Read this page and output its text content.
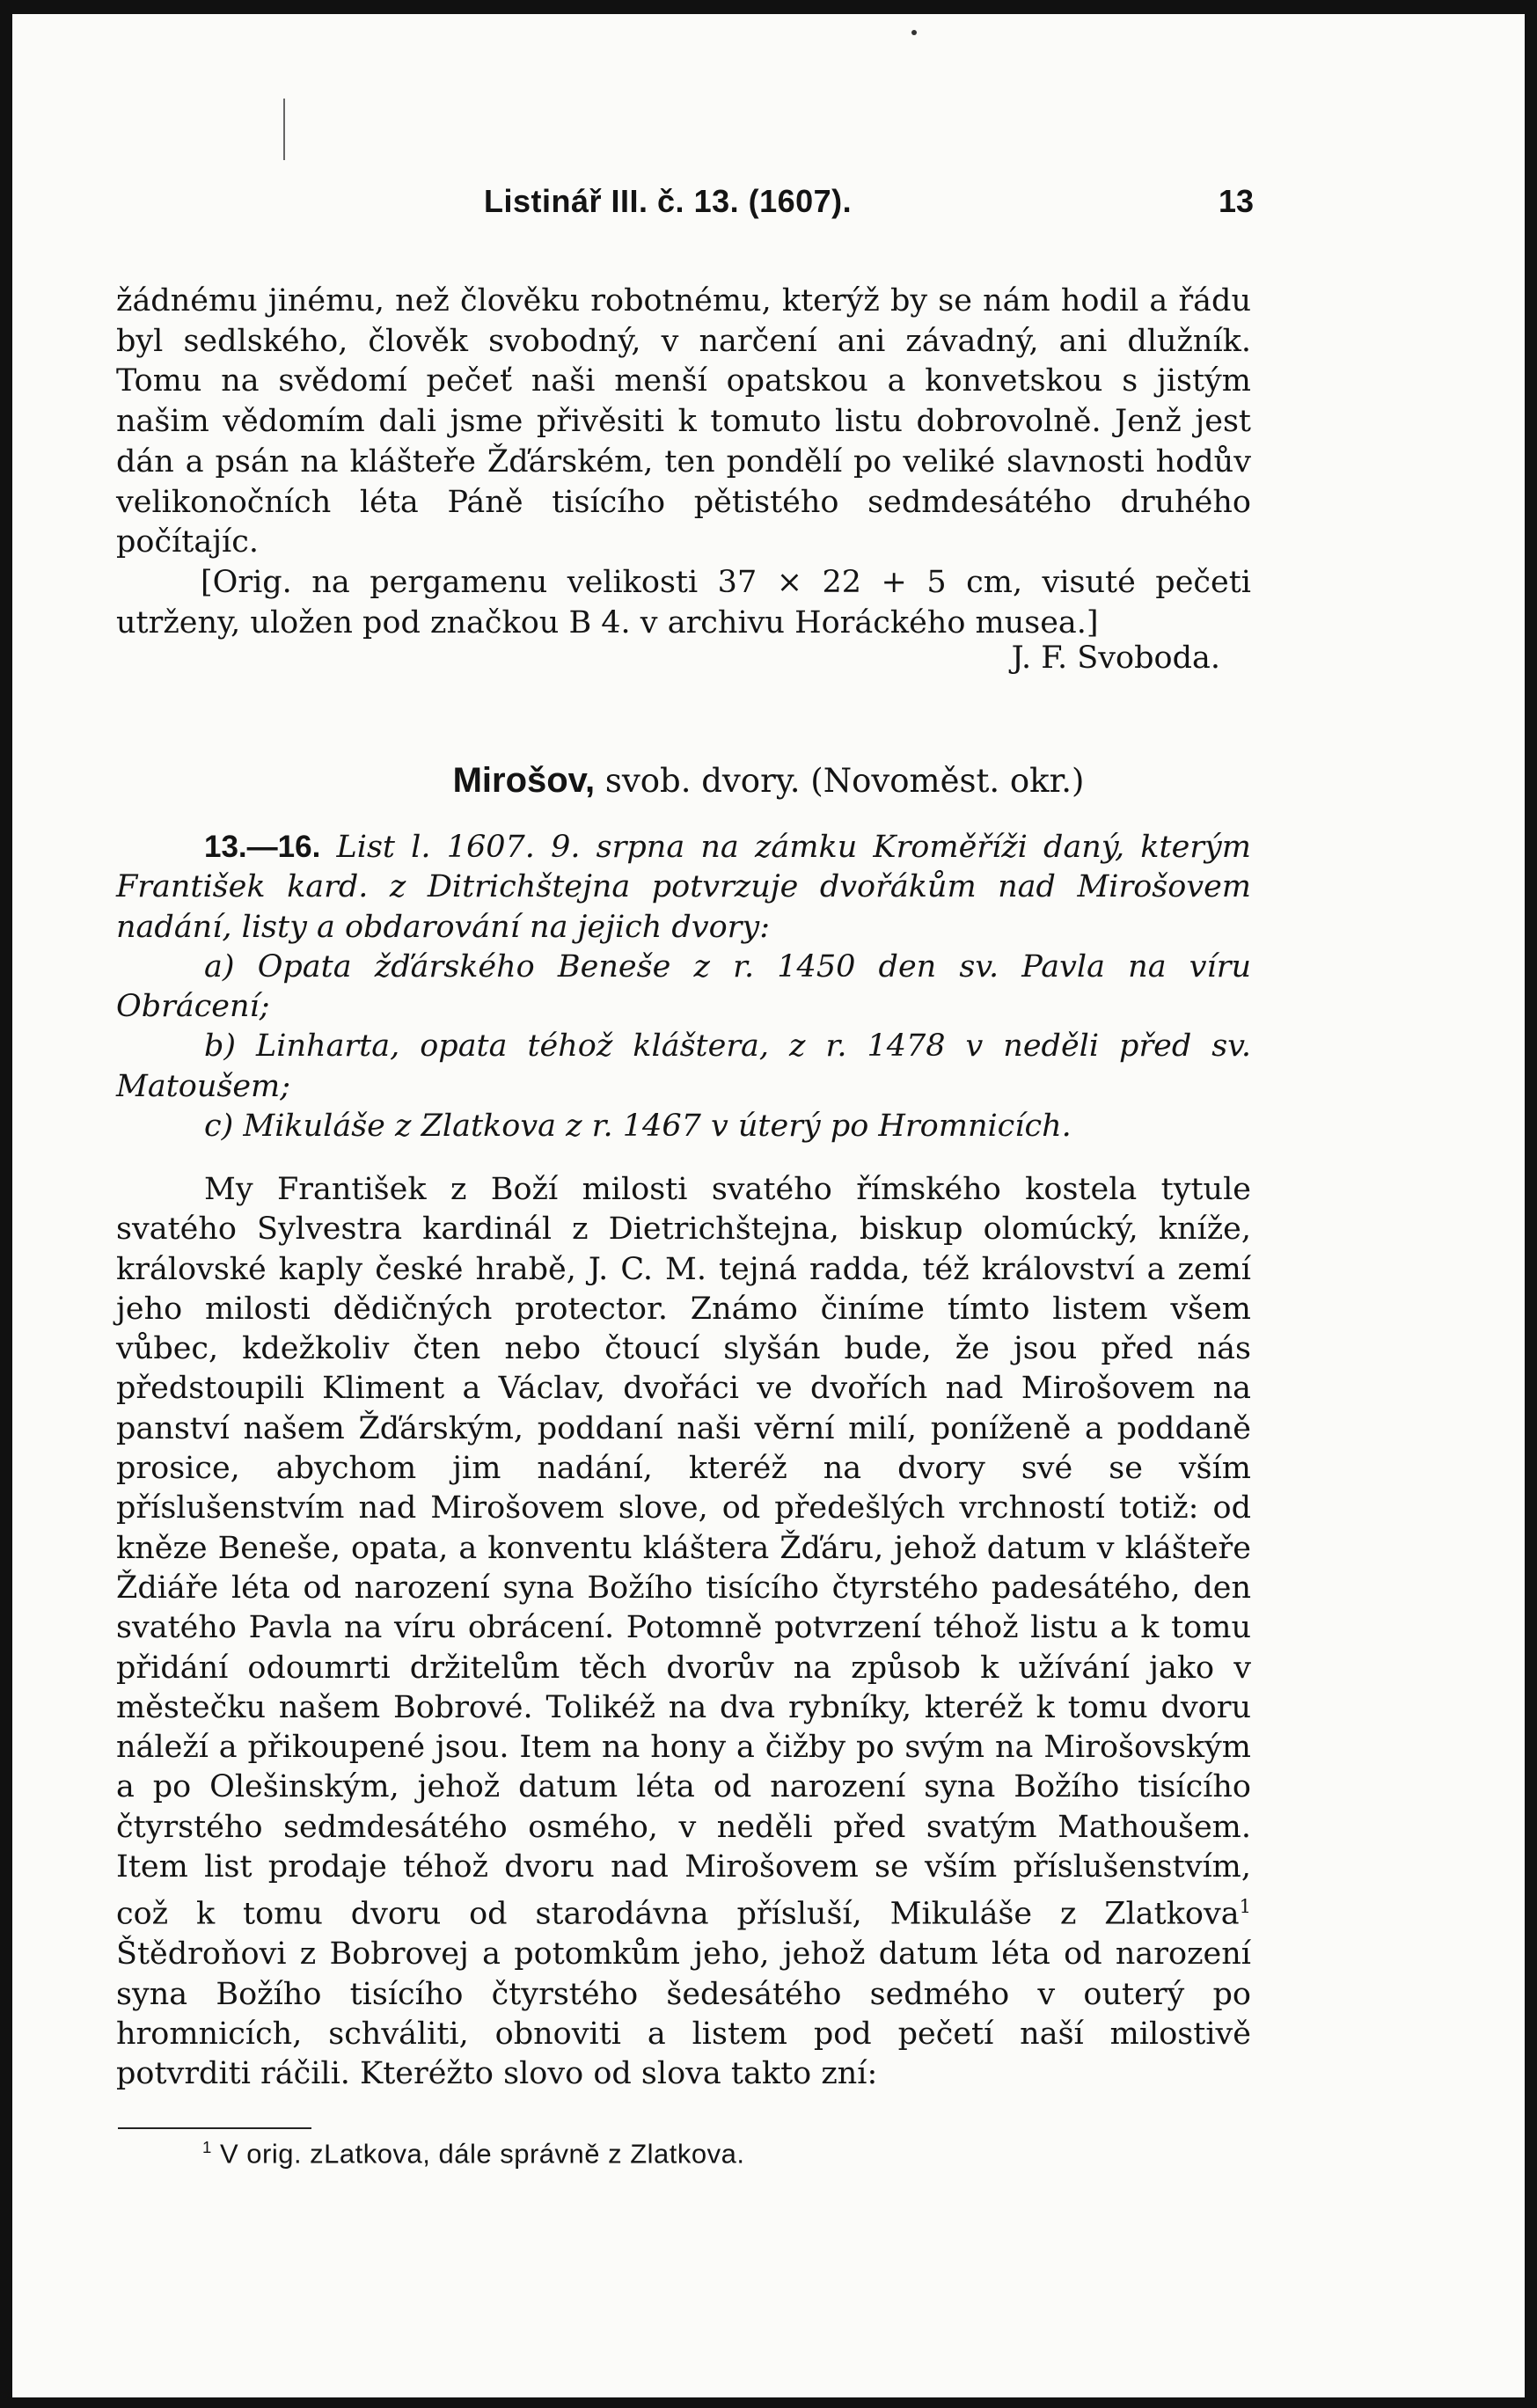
Listinář III. č. 13. (1607).	13
žádnému jinému, než člověku robotnému, kterýž by se nám hodil a řádu byl sedlského, člověk svobodný, v narčení ani závadný, ani dlužník. Tomu na svědomí pečeť naši menší opatskou a konvetskou s jistým našim vědomím dali jsme přivěsiti k tomuto listu dobrovolně. Jenž jest dán a psán na klášteře Žďárském, ten pondělí po veliké slavnosti hodův velikonočních léta Páně tisícího pětistého sedmdesátého druhého počítajíc.
[Orig. na pergamenu velikosti 37 × 22 + 5 cm, visuté pečeti utrženy, uložen pod značkou B 4. v archivu Horáckého musea.]
J. F. Svoboda.
Mirošov, svob. dvory. (Novoměst. okr.)
13.—16. List l. 1607. 9. srpna na zámku Kroměříži daný, kterým František kard. z Ditrichštejna potvrzuje dvořákům nad Mirošovem nadání, listy a obdarování na jejich dvory:
a) Opata žďárského Beneše z r. 1450 den sv. Pavla na víru Obrácení;
b) Linharta, opata téhož kláštera, z r. 1478 v neděli před sv. Matoušem;
c) Mikuláše z Zlatkova z r. 1467 v úterý po Hromnicích.
My František z Boží milosti svatého římského kostela tytule svatého Sylvestra kardinál z Dietrichštejna, biskup olomúcký, kníže, královské kaply české hrabě, J. C. M. tejná radda, též království a zemí jeho milosti dědičných protector. Známo činíme tímto listem všem vůbec, kdežkoliv čten nebo čtoucí slyšán bude, že jsou před nás předstoupili Kliment a Václav, dvořáci ve dvořích nad Mirošovem na panství našem Žďárským, poddaní naši věrní milí, poníženě a poddaně prosice, abychom jim nadání, kteréž na dvory své se vším příslušenstvím nad Mirošovem slove, od předešlých vrchností totiž: od kněze Beneše, opata, a konventu kláštera Žďáru, jehož datum v klášteře Ždiáře léta od narození syna Božího tisícího čtyrstého padesátého, den svatého Pavla na víru obrácení. Potomně potvrzení téhož listu a k tomu přidání odoumrti držitelům těch dvorův na způsob k užívání jako v městečku našem Bobrové. Tolikéž na dva rybníky, kteréž k tomu dvoru náleží a přikoupené jsou. Item na hony a čižby po svým na Mirošovským a po Olešinským, jehož datum léta od narození syna Božího tisícího čtyrstého sedmdesátého osmého, v neděli před svatým Mathoušem. Item list prodaje téhož dvoru nad Mirošovem se vším příslušenstvím, což k tomu dvoru od starodávna přísluší, Mikuláše z Zlatkova$^1$ Štědroňovi z Bobrovej a potomkům jeho, jehož datum léta od narození syna Božího tisícího čtyrstého šedesátého sedmého v outerý po hromnicích, schváliti, obnoviti a listem pod pečetí naší milostivě potvrditi ráčili. Kteréžto slovo od slova takto zní:
$^1$ V orig. zLatkova, dále správně z Zlatkova.
